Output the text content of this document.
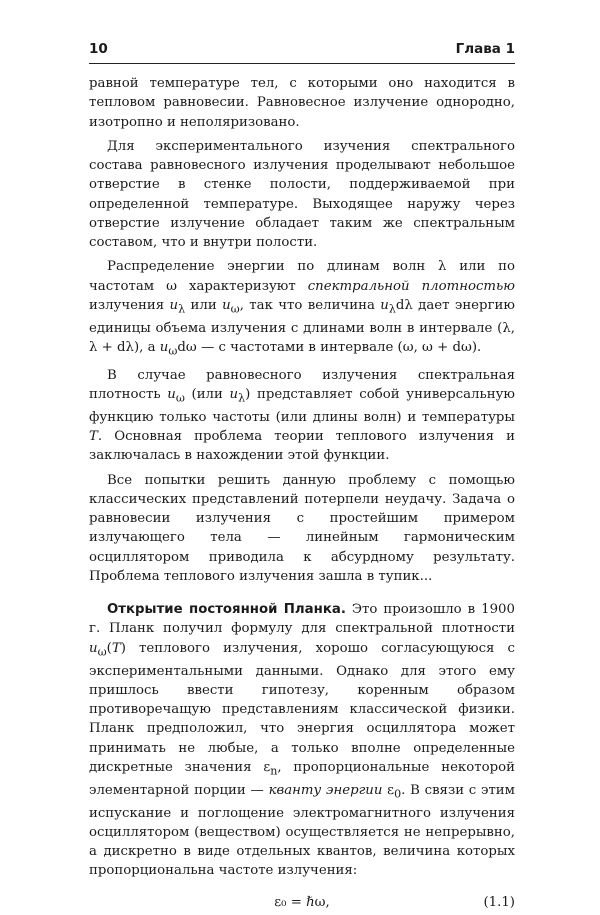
10	Глава 1

равной температуре тел, с которыми оно находится в тепловом равновесии. Равновесное излучение однородно, изотропно и неполяризовано.

Для экспериментального изучения спектрального состава равновесного излучения проделывают небольшое отверстие в стенке полости, поддерживаемой при определенной температуре. Выходящее наружу через отверстие излучение обладает таким же спектральным составом, что и внутри полости.

Распределение энергии по длинам волн λ или по частотам ω характеризуют спектральной плотностью излучения $u_\lambda$ или $u_\omega$, так что величина $u_\lambda d\lambda$ дает энергию единицы объема излучения с длинами волн в интервале (λ, λ + dλ), а $u_\omega d\omega$ — с частотами в интервале (ω, ω + dω).

В случае равновесного излучения спектральная плотность $u_\omega$ (или $u_\lambda$) представляет собой универсальную функцию только частоты (или длины волн) и температуры T. Основная проблема теории теплового излучения и заключалась в нахождении этой функции.

Все попытки решить данную проблему с помощью классических представлений потерпели неудачу. Задача о равновесии излучения с простейшим примером излучающего тела — линейным гармоническим осциллятором приводила к абсурдному результату. Проблема теплового излучения зашла в тупик...

Открытие постоянной Планка. Это произошло в 1900 г. Планк получил формулу для спектральной плотности $u_\omega(T)$ теплового излучения, хорошо согласующуюся с экспериментальными данными. Однако для этого ему пришлось ввести гипотезу, коренным образом противоречащую представлениям классической физики. Планк предположил, что энергия осциллятора может принимать не любые, а только вполне определенные дискретные значения $\varepsilon_n$, пропорциональные некоторой элементарной порции — кванту энергии $\varepsilon_0$. В связи с этим испускание и поглощение электромагнитного излучения осциллятором (веществом) осуществляется не непрерывно, а дискретно в виде отдельных квантов, величина которых пропорциональна частоте излучения:

ε₀ = ℏω,	(1.1)
